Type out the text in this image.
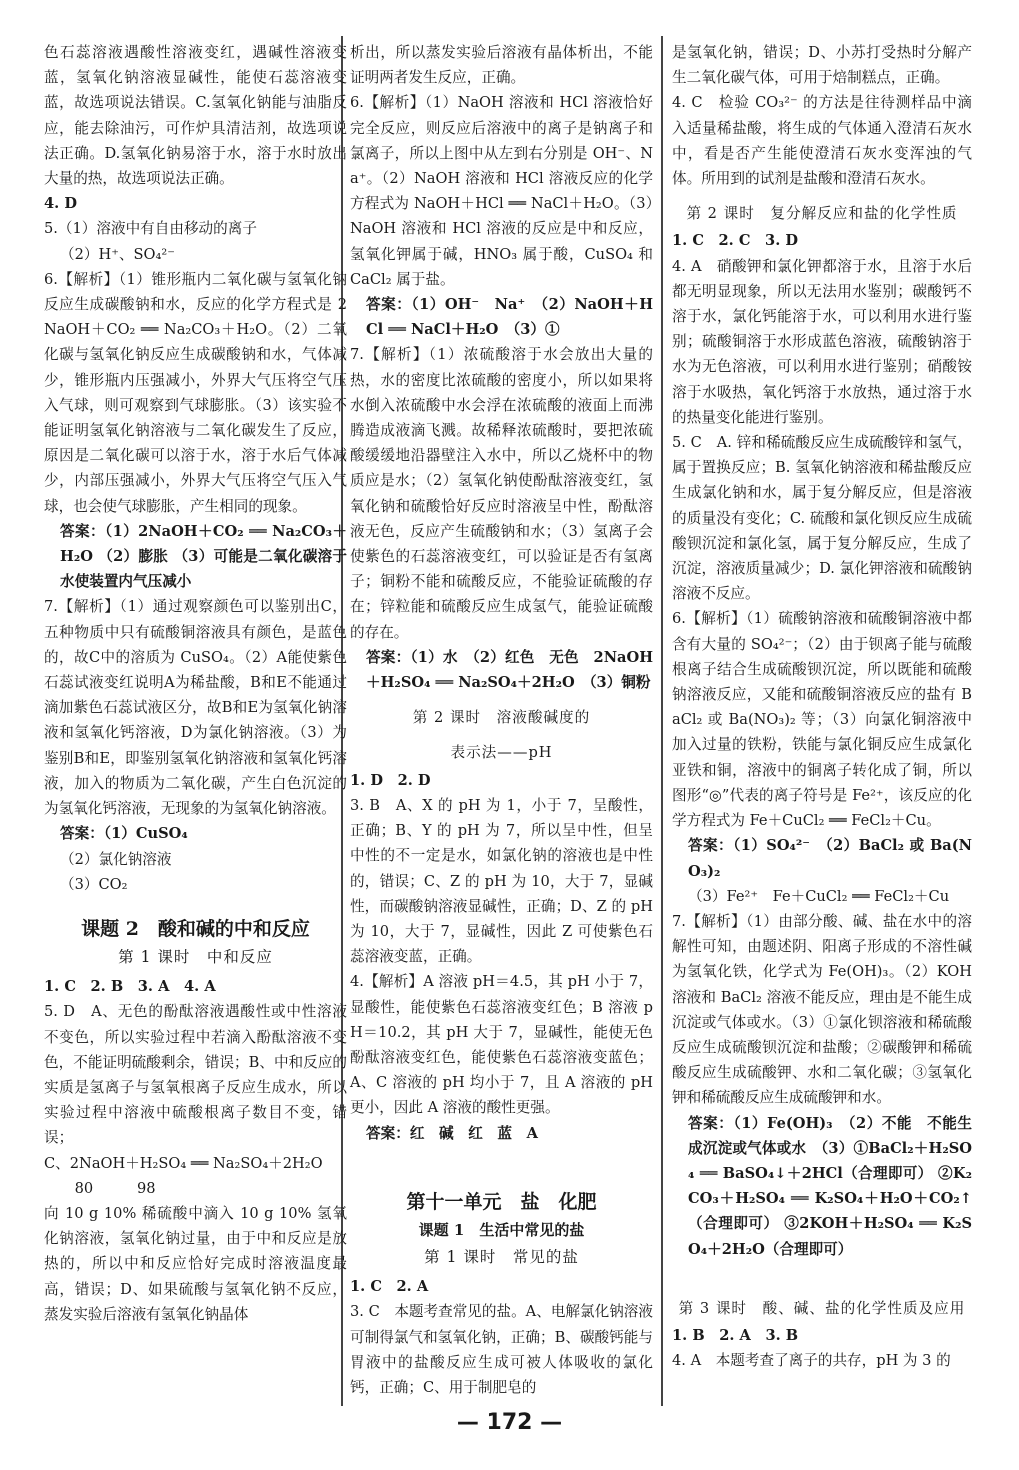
色石蕊溶液遇酸性溶液变红，遇碱性溶液变蓝，氢氧化钠溶液显碱性，能使石蕊溶液变蓝，故选项说法错误。C.氢氧化钠能与油脂反应，能去除油污，可作炉具清洁剂，故选项说法正确。D.氢氧化钠易溶于水，溶于水时放出大量的热，故选项说法正确。
4. D
5.（1）溶液中有自由移动的离子
（2）H⁺、SO₄²⁻
6.【解析】（1）锥形瓶内二氧化碳与氢氧化钠反应生成碳酸钠和水，反应的化学方程式是 2NaOH＋CO₂ ══ Na₂CO₃＋H₂O。（2）二氧化碳与氢氧化钠反应生成碳酸钠和水，气体减少，锥形瓶内压强减小，外界大气压将空气压入气球，则可观察到气球膨胀。（3）该实验不能证明氢氧化钠溶液与二氧化碳发生了反应，原因是二氧化碳可以溶于水，溶于水后气体减少，内部压强减小，外界大气压将空气压入气球，也会使气球膨胀，产生相同的现象。
答案：（1）2NaOH＋CO₂ ══ Na₂CO₃＋H₂O （2）膨胀 （3）可能是二氧化碳溶于水使装置内气压减小
7.【解析】（1）通过观察颜色可以鉴别出C，五种物质中只有硫酸铜溶液具有颜色，是蓝色的，故C中的溶质为 CuSO₄。（2）A能使紫色石蕊试液变红说明A为稀盐酸，B和E不能通过滴加紫色石蕊试液区分，故B和E为氢氧化钠溶液和氢氧化钙溶液，D为氯化钠溶液。（3）为鉴别B和E，即鉴别氢氧化钠溶液和氢氧化钙溶液，加入的物质为二氧化碳，产生白色沉淀的为氢氧化钙溶液，无现象的为氢氧化钠溶液。
答案：（1）CuSO₄
（2）氯化钠溶液
（3）CO₂
课题 2　酸和碱的中和反应
第 1 课时　中和反应
1. C　2. B　3. A　4. A
5. D　A、无色的酚酞溶液遇酸性或中性溶液不变色，所以实验过程中若滴入酚酞溶液不变色，不能证明硫酸剩余，错误；B、中和反应的实质是氢离子与氢氧根离子反应生成水，所以实验过程中溶液中硫酸根离子数目不变，错误；
C、2NaOH＋H₂SO₄ ══ Na₂SO₄＋2H₂O
　80　　　98
向 10 g 10% 稀硫酸中滴入 10 g 10% 氢氧化钠溶液，氢氧化钠过量，由于中和反应是放热的，所以中和反应恰好完成时溶液温度最高，错误；D、如果硫酸与氢氧化钠不反应，蒸发实验后溶液有氢氧化钠晶体
析出，所以蒸发实验后溶液有晶体析出，不能证明两者发生反应，正确。
6.【解析】（1）NaOH 溶液和 HCl 溶液恰好完全反应，则反应后溶液中的离子是钠离子和氯离子，所以上图中从左到右分别是 OH⁻、Na⁺。（2）NaOH 溶液和 HCl 溶液反应的化学方程式为 NaOH＋HCl ══ NaCl＋H₂O。（3）NaOH 溶液和 HCl 溶液的反应是中和反应，氢氧化钾属于碱，HNO₃ 属于酸，CuSO₄ 和 CaCl₂ 属于盐。
答案：（1）OH⁻　Na⁺　（2）NaOH＋HCl ══ NaCl＋H₂O　（3）①
7.【解析】（1）浓硫酸溶于水会放出大量的热，水的密度比浓硫酸的密度小，所以如果将水倒入浓硫酸中水会浮在浓硫酸的液面上而沸腾造成液滴飞溅。故稀释浓硫酸时，要把浓硫酸缓缓地沿器壁注入水中，所以乙烧杯中的物质应是水；（2）氢氧化钠使酚酞溶液变红，氢氧化钠和硫酸恰好反应时溶液呈中性，酚酞溶液无色，反应产生硫酸钠和水；（3）氢离子会使紫色的石蕊溶液变红，可以验证是否有氢离子；铜粉不能和硫酸反应，不能验证硫酸的存在；锌粒能和硫酸反应生成氢气，能验证硫酸的存在。
答案：（1）水　（2）红色　无色　2NaOH＋H₂SO₄ ══ Na₂SO₄＋2H₂O　（3）铜粉
第 2 课时　溶液酸碱度的
表示法——pH
1. D　2. D
3. B　A、X 的 pH 为 1，小于 7，呈酸性，正确；B、Y 的 pH 为 7，所以呈中性，但呈中性的不一定是水，如氯化钠的溶液也是中性的，错误；C、Z 的 pH 为 10，大于 7，显碱性，而碳酸钠溶液显碱性，正确；D、Z 的 pH 为 10，大于 7，显碱性，因此 Z 可使紫色石蕊溶液变蓝，正确。
4.【解析】A 溶液 pH＝4.5，其 pH 小于 7，显酸性，能使紫色石蕊溶液变红色；B 溶液 pH＝10.2，其 pH 大于 7，显碱性，能使无色酚酞溶液变红色，能使紫色石蕊溶液变蓝色；A、C 溶液的 pH 均小于 7，且 A 溶液的 pH 更小，因此 A 溶液的酸性更强。
答案：红　碱　红　蓝　A
第十一单元　盐　化肥
课题 1　生活中常见的盐
第 1 课时　常见的盐
1. C　2. A
3. C　本题考查常见的盐。A、电解氯化钠溶液可制得氯气和氢氧化钠，正确；B、碳酸钙能与胃液中的盐酸反应生成可被人体吸收的氯化钙，正确；C、用于制肥皂的
是氢氧化钠，错误；D、小苏打受热时分解产生二氧化碳气体，可用于焙制糕点，正确。
4. C　检验 CO₃²⁻ 的方法是往待测样品中滴入适量稀盐酸，将生成的气体通入澄清石灰水中，看是否产生能使澄清石灰水变浑浊的气体。所用到的试剂是盐酸和澄清石灰水。
第 2 课时　复分解反应和盐的化学性质
1. C　2. C　3. D
4. A　硝酸钾和氯化钾都溶于水，且溶于水后都无明显现象，所以无法用水鉴别；碳酸钙不溶于水，氯化钙能溶于水，可以利用水进行鉴别；硫酸铜溶于水形成蓝色溶液，硫酸钠溶于水为无色溶液，可以利用水进行鉴别；硝酸铵溶于水吸热，氧化钙溶于水放热，通过溶于水的热量变化能进行鉴别。
5. C　A. 锌和稀硫酸反应生成硫酸锌和氢气，属于置换反应；B. 氢氧化钠溶液和稀盐酸反应生成氯化钠和水，属于复分解反应，但是溶液的质量没有变化；C. 硫酸和氯化钡反应生成硫酸钡沉淀和氯化氢，属于复分解反应，生成了沉淀，溶液质量减少；D. 氯化钾溶液和硫酸钠溶液不反应。
6.【解析】（1）硫酸钠溶液和硫酸铜溶液中都含有大量的 SO₄²⁻；（2）由于钡离子能与硫酸根离子结合生成硫酸钡沉淀，所以既能和硫酸钠溶液反应，又能和硫酸铜溶液反应的盐有 BaCl₂ 或 Ba(NO₃)₂ 等；（3）向氯化铜溶液中加入过量的铁粉，铁能与氯化铜反应生成氯化亚铁和铜，溶液中的铜离子转化成了铜，所以图形“◎”代表的离子符号是 Fe²⁺，该反应的化学方程式为 Fe＋CuCl₂ ══ FeCl₂＋Cu。
答案：（1）SO₄²⁻　（2）BaCl₂ 或 Ba(NO₃)₂
（3）Fe²⁺　Fe＋CuCl₂ ══ FeCl₂＋Cu
7.【解析】（1）由部分酸、碱、盐在水中的溶解性可知，由题述阴、阳离子形成的不溶性碱为氢氧化铁，化学式为 Fe(OH)₃。（2）KOH 溶液和 BaCl₂ 溶液不能反应，理由是不能生成沉淀或气体或水。（3）①氯化钡溶液和稀硫酸反应生成硫酸钡沉淀和盐酸；②碳酸钾和稀硫酸反应生成硫酸钾、水和二氧化碳；③氢氧化钾和稀硫酸反应生成硫酸钾和水。
答案：（1）Fe(OH)₃　（2）不能　不能生成沉淀或气体或水　（3）①BaCl₂＋H₂SO₄ ══ BaSO₄↓＋2HCl（合理即可） ②K₂CO₃＋H₂SO₄ ══ K₂SO₄＋H₂O＋CO₂↑（合理即可） ③2KOH＋H₂SO₄ ══ K₂SO₄＋2H₂O（合理即可）
第 3 课时　酸、碱、盐的化学性质及应用
1. B　2. A　3. B
4. A　本题考查了离子的共存，pH 为 3 的
— 172 —
